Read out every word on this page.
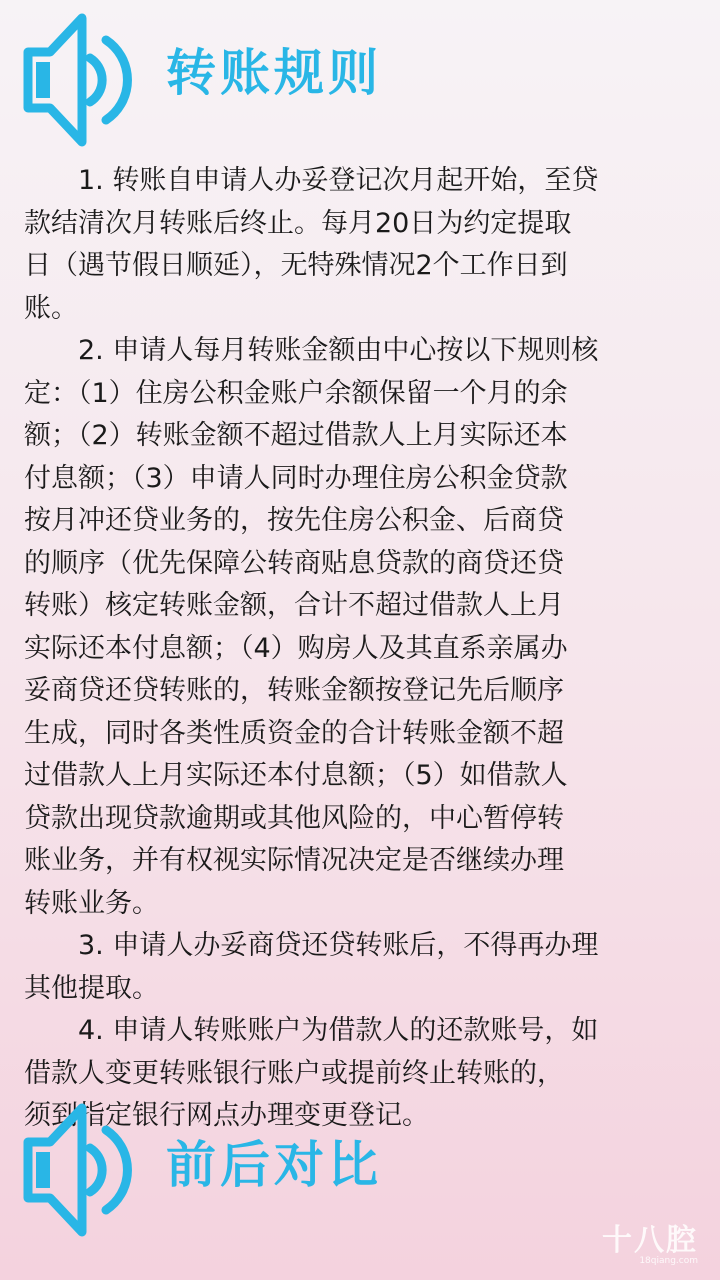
转账规则

1. 转账自申请人办妥登记次月起开始，至贷
款结清次月转账后终止。每月20日为约定提取
日（遇节假日顺延），无特殊情况2个工作日到
账。

2. 申请人每月转账金额由中心按以下规则核
定：（1）住房公积金账户余额保留一个月的余
额；（2）转账金额不超过借款人上月实际还本
付息额；（3）申请人同时办理住房公积金贷款
按月冲还贷业务的，按先住房公积金、后商贷
的顺序（优先保障公转商贴息贷款的商贷还贷
转账）核定转账金额，合计不超过借款人上月
实际还本付息额；（4）购房人及其直系亲属办
妥商贷还贷转账的，转账金额按登记先后顺序
生成，同时各类性质资金的合计转账金额不超
过借款人上月实际还本付息额；（5）如借款人
贷款出现贷款逾期或其他风险的，中心暂停转
账业务，并有权视实际情况决定是否继续办理
转账业务。

3. 申请人办妥商贷还贷转账后，不得再办理
其他提取。

4. 申请人转账账户为借款人的还款账号，如
借款人变更转账银行账户或提前终止转账的，
须到指定银行网点办理变更登记。

前后对比
十八腔
18qiang.com
